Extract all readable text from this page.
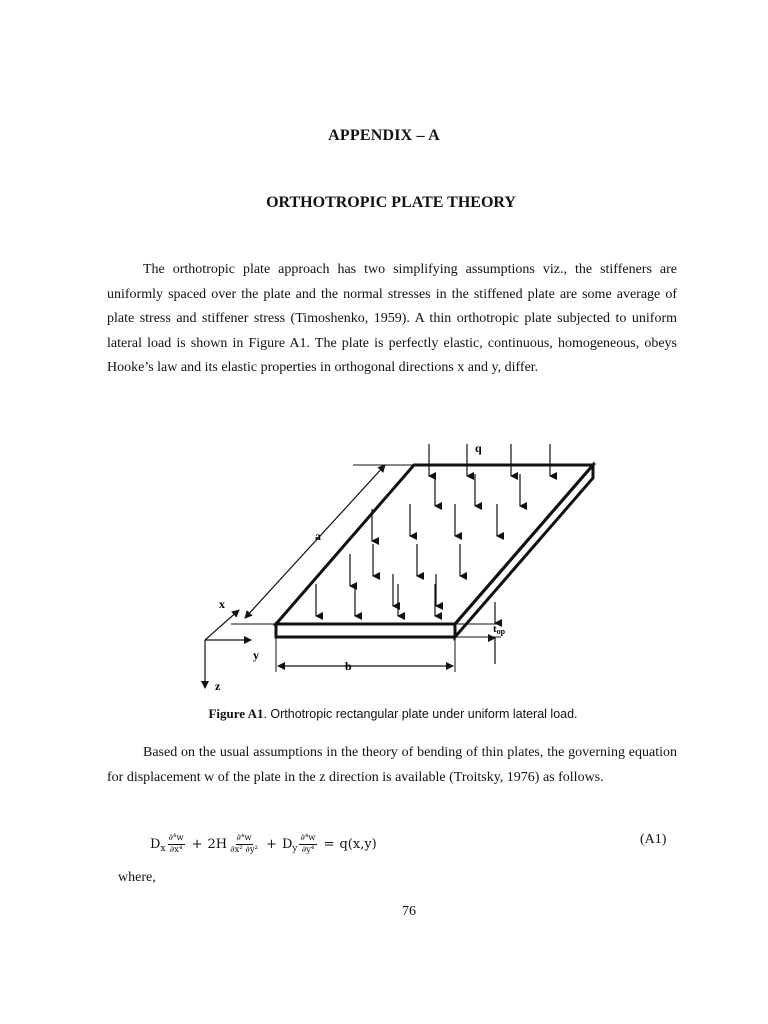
APPENDIX – A
ORTHOTROPIC PLATE THEORY

The orthotropic plate approach has two simplifying assumptions viz., the stiffeners are uniformly spaced over the plate and the normal stresses in the stiffened plate are some average of plate stress and stiffener stress (Timoshenko, 1959). A thin orthotropic plate subjected to uniform lateral load is shown in Figure A1. The plate is perfectly elastic, continuous, homogeneous, obeys Hooke’s law and its elastic properties in orthogonal directions x and y, differ.

q
a
b
top
x
y
z
Figure A1. Orthotropic rectangular plate under uniform lateral load.

Based on the usual assumptions in the theory of bending of thin plates, the governing equation for displacement w of the plate in the z direction is available (Troitsky, 1976) as follows.

$D_x \frac{\text{∂⁴w}}{\text{∂x⁴}} + 2H \frac{\text{∂⁴w}}{\text{∂x² ∂y²}} + D_y \frac{\text{∂⁴w}}{\text{∂y⁴}} = q(x,y)$	(A1)
where,
76
